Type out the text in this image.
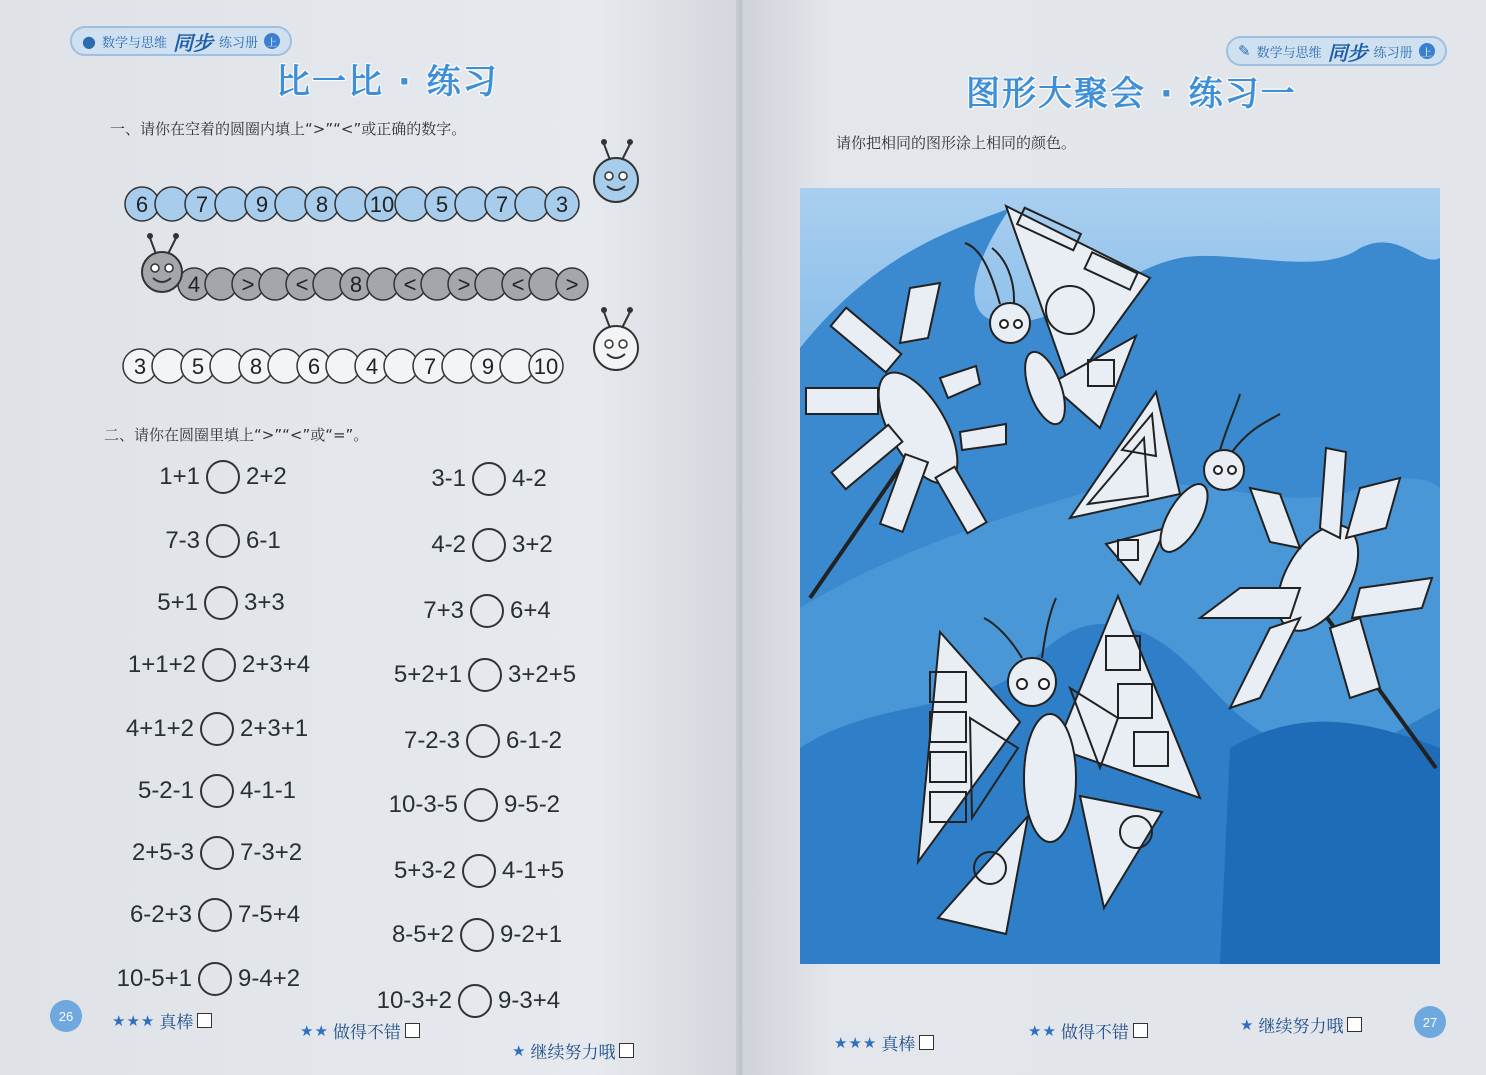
● 数学与思维 同步 练习册 上
比一比 · 练习
一、请你在空着的圆圈内填上“>”“<”或正确的数字。
6 7 9 8 10 5 7 3
4 > < 8 < > < >
3 5 8 6 4 7 9 10
二、请你在圆圈里填上“>”“<”或“=”。
1+1 2+2
7-3 6-1
5+1 3+3
1+1+2 2+3+4
4+1+2 2+3+1
5-2-1 4-1-1
2+5-3 7-3+2
6-2+3 7-5+4
10-5+1 9-4+2
3-1 4-2
4-2 3+2
7+3 6+4
5+2+1 3+2+5
7-2-3 6-1-2
10-3-5 9-5-2
5+3-2 4-1+5
8-5+2 9-2+1
10-3+2 9-3+4
26	★★★ 真棒	★★ 做得不错
★ 继续努力哦
✎ 数学与思维 同步 练习册 上
图形大聚会 · 练习一
请你把相同的图形涂上相同的颜色。
27
★★★ 真棒
★★ 做得不错	★ 继续努力哦
